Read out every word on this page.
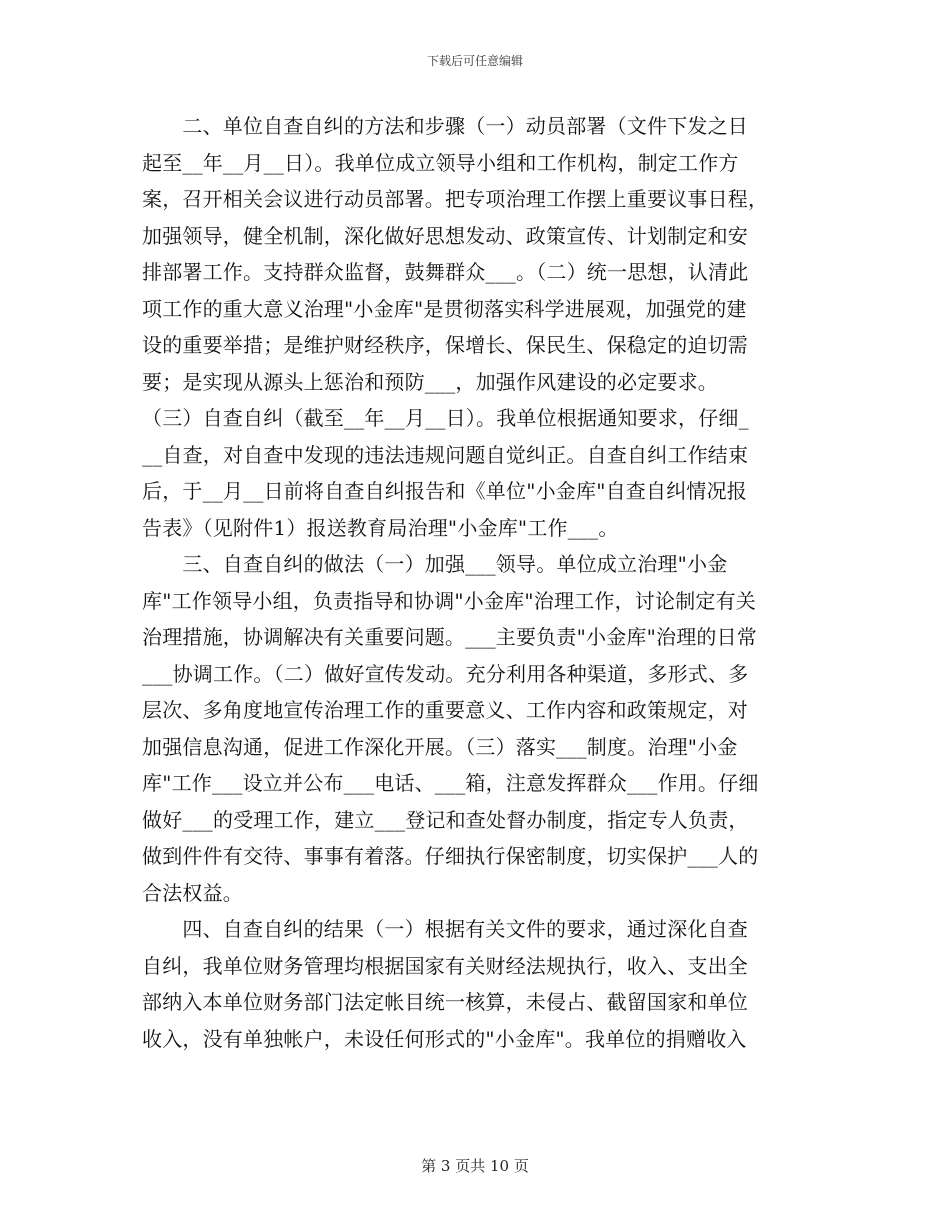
下载后可任意编辑
　　二、单位自查自纠的方法和步骤（一）动员部署（文件下发之日
起至__年__月__日）。我单位成立领导小组和工作机构，制定工作方
案，召开相关会议进行动员部署。把专项治理工作摆上重要议事日程，
加强领导，健全机制，深化做好思想发动、政策宣传、计划制定和安
排部署工作。支持群众监督，鼓舞群众___。（二）统一思想，认清此
项工作的重大意义治理"小金库"是贯彻落实科学进展观，加强党的建
设的重要举措；是维护财经秩序，保增长、保民生、保稳定的迫切需
要；是实现从源头上惩治和预防___，加强作风建设的必定要求。
（三）自查自纠（截至__年__月__日）。我单位根据通知要求，仔细_
__自查，对自查中发现的违法违规问题自觉纠正。自查自纠工作结束
后，于__月__日前将自查自纠报告和《单位"小金库"自查自纠情况报
告表》（见附件1）报送教育局治理"小金库"工作___。
　　三、自查自纠的做法（一）加强___领导。单位成立治理"小金
库"工作领导小组，负责指导和协调"小金库"治理工作，讨论制定有关
治理措施，协调解决有关重要问题。___主要负责"小金库"治理的日常
___协调工作。（二）做好宣传发动。充分利用各种渠道，多形式、多
层次、多角度地宣传治理工作的重要意义、工作内容和政策规定，对
加强信息沟通，促进工作深化开展。（三）落实___制度。治理"小金
库"工作___设立并公布___电话、___箱，注意发挥群众___作用。仔细
做好___的受理工作，建立___登记和查处督办制度，指定专人负责，
做到件件有交待、事事有着落。仔细执行保密制度，切实保护___人的
合法权益。
　　四、自查自纠的结果（一）根据有关文件的要求，通过深化自查
自纠，我单位财务管理均根据国家有关财经法规执行，收入、支出全
部纳入本单位财务部门法定帐目统一核算，未侵占、截留国家和单位
收入，没有单独帐户，未设任何形式的"小金库"。我单位的捐赠收入
第 3 页共 10 页
